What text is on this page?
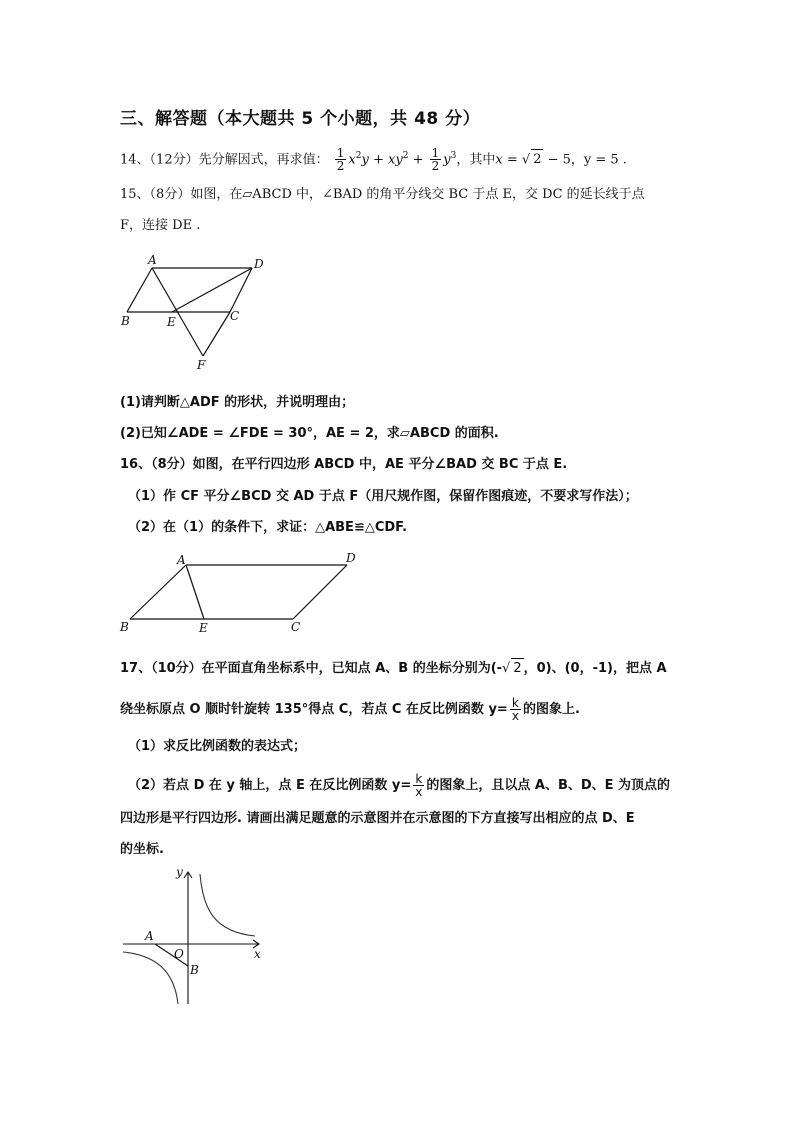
三、解答题（本大题共 5 个小题，共 48 分）
14、（12分）先分解因式，再求值： $\frac{1}{2} x^2y + xy^2 + \frac{1}{2} y^3$，其中x = √ 2 − 5，y = 5 .
15、（8分）如图，在▱ABCD 中，∠BAD 的角平分线交 BC 于点 E，交 DC 的延长线于点
F，连接 DE .
A	D
B	E	C
F
(1)请判断△ADF 的形状，并说明理由；
(2)已知∠ADE = ∠FDE = 30°，AE = 2，求▱ABCD 的面积.
16、（8分）如图，在平行四边形 ABCD 中，AE 平分∠BAD 交 BC 于点 E.
（1）作 CF 平分∠BCD 交 AD 于点 F（用尺规作图，保留作图痕迹，不要求写作法）；
（2）在（1）的条件下，求证：△ABE≌△CDF.
A	D
B	E	C
17、（10分）在平面直角坐标系中，已知点 A、B 的坐标分别为(-√ 2 ，0)、(0，-1)，把点 A
绕坐标原点 O 顺时针旋转 135°得点 C，若点 C 在反比例函数 $y= \frac{k}{x}$ 的图象上.
（1）求反比例函数的表达式；
（2）若点 D 在 y 轴上，点 E 在反比例函数 $y= \frac{k}{x}$ 的图象上，且以点 A、B、D、E 为顶点的
四边形是平行四边形. 请画出满足题意的示意图并在示意图的下方直接写出相应的点 D、E
的坐标.
y
x
A
O
B
